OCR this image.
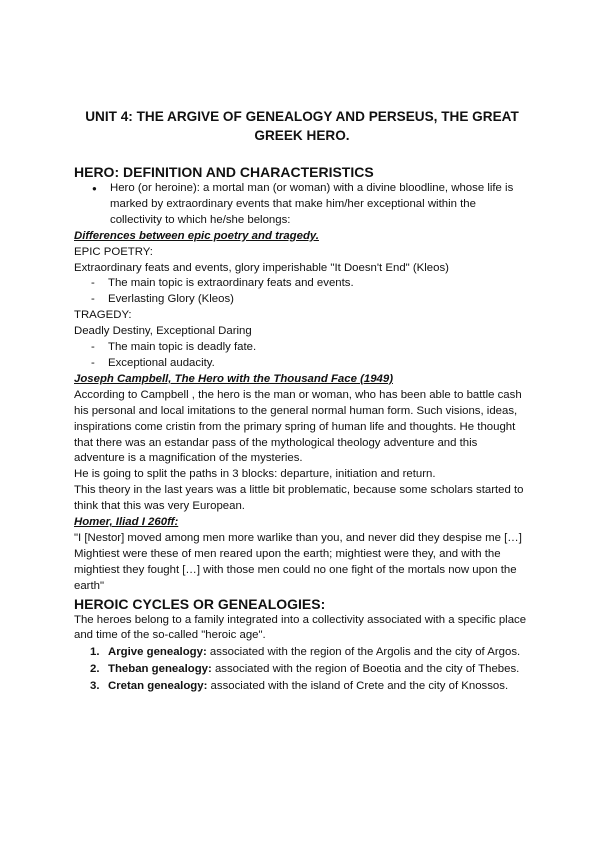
UNIT 4: THE ARGIVE OF GENEALOGY AND PERSEUS, THE GREAT GREEK HERO.
HERO: DEFINITION AND CHARACTERISTICS
● Hero (or heroine): a mortal man (or woman) with a divine bloodline, whose life is marked by extraordinary events that make him/her exceptional within the collectivity to which he/she belongs:

Differences between epic poetry and tragedy.

EPIC POETRY:

Extraordinary feats and events, glory imperishable "It Doesn't End" (Kleos)

- The main topic is extraordinary feats and events.
- Everlasting Glory (Kleos)

TRAGEDY:

Deadly Destiny, Exceptional Daring

- The main topic is deadly fate.
- Exceptional audacity.

Joseph Campbell, The Hero with the Thousand Face (1949)

According to Campbell , the hero is the man or woman, who has been able to battle cash his personal and local imitations to the general normal human form. Such visions, ideas, inspirations come cristin from the primary spring of human life and thoughts. He thought that there was an estandar pass of the mythological theology adventure and this adventure is a magnification of the mysteries.

He is going to split the paths in 3 blocks: departure, initiation and return.

This theory in the last years was a little bit problematic, because some scholars started to think that this was very European.

Homer, Iliad I 260ff:

"I [Nestor] moved among men more warlike than you, and never did they despise me […] Mightiest were these of men reared upon the earth; mightiest were they, and with the mightiest they fought […] with those men could no one fight of the mortals now upon the earth"

HEROIC CYCLES OR GENEALOGIES:

The heroes belong to a family integrated into a collectivity associated with a specific place and time of the so-called "heroic age".

1. Argive genealogy: associated with the region of the Argolis and the city of Argos.
2. Theban genealogy: associated with the region of Boeotia and the city of Thebes.
3. Cretan genealogy: associated with the island of Crete and the city of Knossos.
